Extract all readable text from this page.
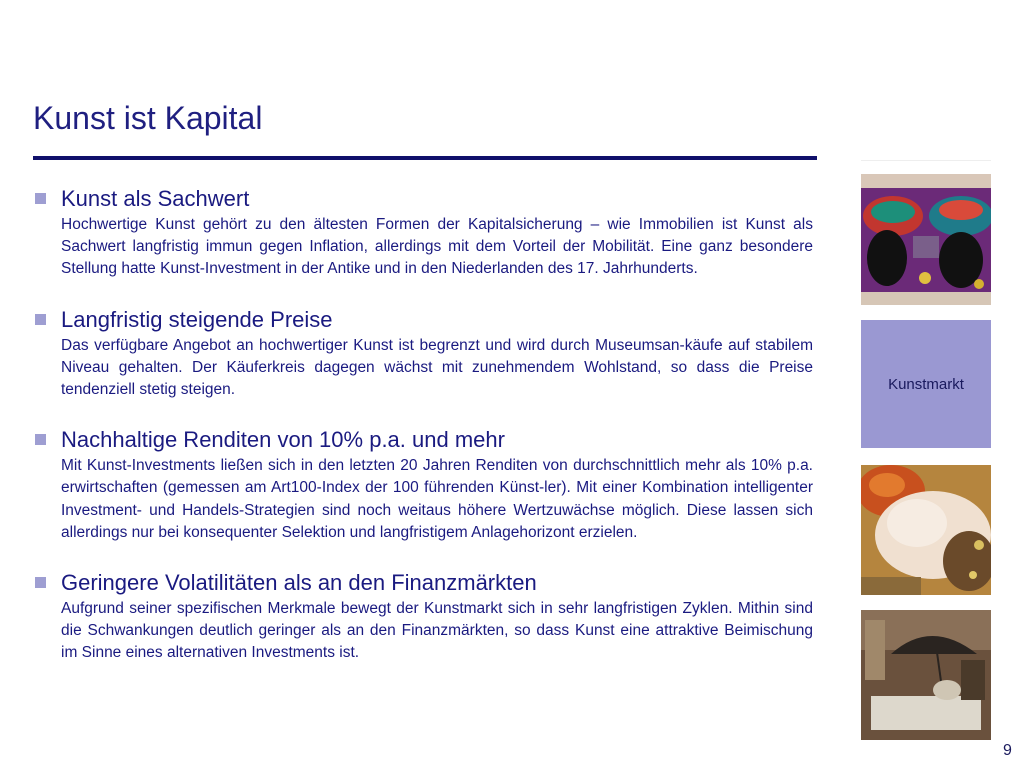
Kunst ist Kapital
Kunst als Sachwert
Hochwertige Kunst gehört zu den ältesten Formen der Kapitalsicherung – wie Immobilien ist Kunst als Sachwert langfristig immun gegen Inflation, allerdings mit dem Vorteil der Mobilität. Eine ganz besondere Stellung hatte Kunst-Investment in der Antike und in den Niederlanden des 17. Jahrhunderts.
Langfristig steigende Preise
Das verfügbare Angebot an hochwertiger Kunst ist begrenzt und wird durch Museumsan-käufe auf stabilem Niveau gehalten. Der Käuferkreis dagegen wächst mit zunehmendem Wohlstand, so dass die Preise tendenziell stetig steigen.
Nachhaltige Renditen von 10% p.a. und mehr
Mit Kunst-Investments ließen sich in den letzten 20 Jahren Renditen von durchschnittlich mehr als 10% p.a. erwirtschaften (gemessen am Art100-Index der 100 führenden Künst-ler). Mit einer Kombination intelligenter Investment- und Handels-Strategien sind noch weitaus höhere Wertzuwächse möglich. Diese lassen sich allerdings nur bei konsequenter Selektion und langfristigem Anlagehorizont erzielen.
Geringere Volatilitäten als an den Finanzmärkten
Aufgrund seiner spezifischen Merkmale bewegt der Kunstmarkt sich in sehr langfristigen Zyklen. Mithin sind die Schwankungen deutlich geringer als an den Finanzmärkten, so dass Kunst eine attraktive Beimischung im Sinne eines alternativen Investments ist.
Kunstmarkt
9
